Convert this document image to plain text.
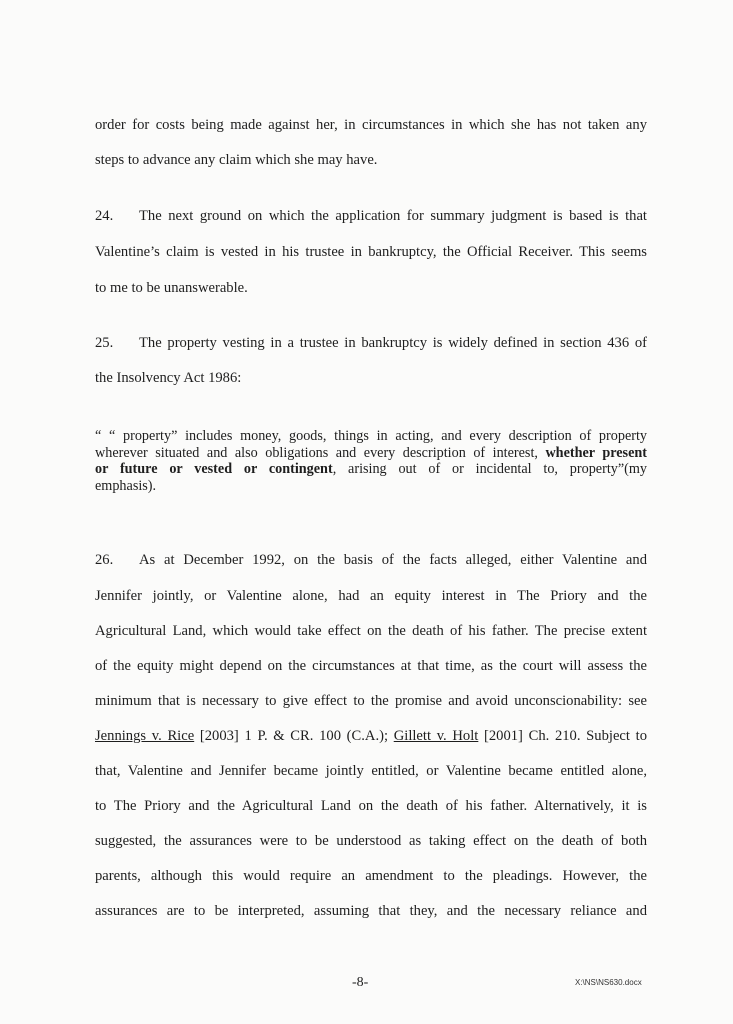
order for costs being made against her, in circumstances in which she has not taken any
steps to advance any claim which she may have.
24. The next ground on which the application for summary judgment is based is that
Valentine’s claim is vested in his trustee in bankruptcy, the Official Receiver. This seems
to me to be unanswerable.
25. The property vesting in a trustee in bankruptcy is widely defined in section 436 of
the Insolvency Act 1986:
“ “ property” includes money, goods, things in acting, and every description of property
wherever situated and also obligations and every description of interest, whether present
or future or vested or contingent, arising out of or incidental to, property”(my
emphasis).
26. As at December 1992, on the basis of the facts alleged, either Valentine and
Jennifer jointly, or Valentine alone, had an equity interest in The Priory and the
Agricultural Land, which would take effect on the death of his father. The precise extent
of the equity might depend on the circumstances at that time, as the court will assess the
minimum that is necessary to give effect to the promise and avoid unconscionability: see
Jennings v. Rice [2003] 1 P. & CR. 100 (C.A.); Gillett v. Holt [2001] Ch. 210. Subject to
that, Valentine and Jennifer became jointly entitled, or Valentine became entitled alone,
to The Priory and the Agricultural Land on the death of his father. Alternatively, it is
suggested, the assurances were to be understood as taking effect on the death of both
parents, although this would require an amendment to the pleadings. However, the
assurances are to be interpreted, assuming that they, and the necessary reliance and
-8-	X:\NS\NS630.docx
